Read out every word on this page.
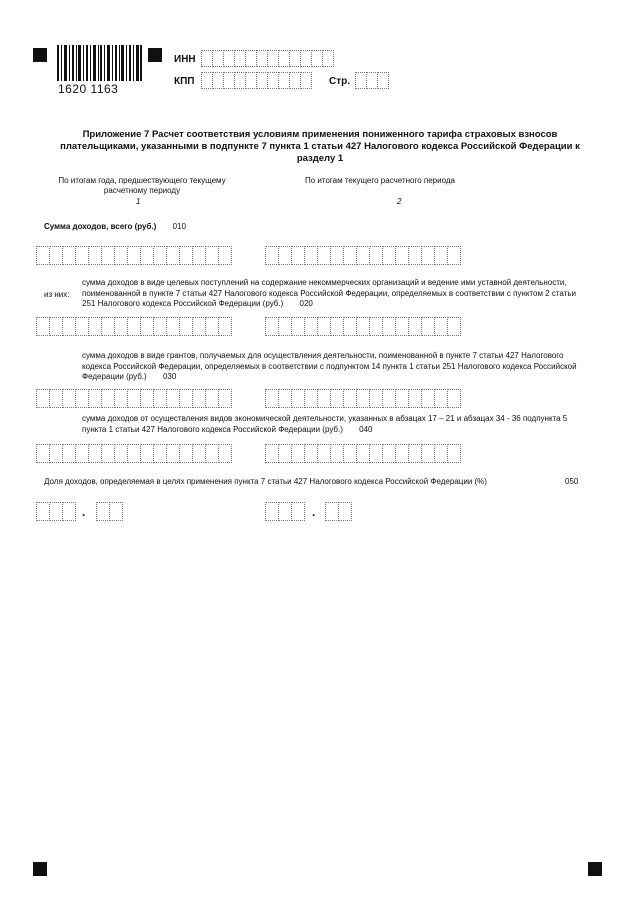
1620 1163
ИНН
КПП	Стр.
Приложение 7 Расчет соответствия условиям применения пониженного тарифа страховых взносов плательщиками, указанными в подпункте 7 пункта 1 статьи 427 Налогового кодекса Российской Федерации к разделу 1
По итогам года, предшествующего текущему расчетному периоду
1
По итогам текущего расчетного периода
2
Сумма доходов, всего (руб.) 010
из них:
сумма доходов в виде целевых поступлений на содержание некоммерческих организаций и ведение ими уставной деятельности, поименованной в пункте 7 статьи 427 Налогового кодекса Российской Федерации, определяемых в соответствии с пунктом 2 статьи 251 Налогового кодекса Российской Федерации (руб.) 020
сумма доходов в виде грантов, получаемых для осуществления деятельности, поименованной в пункте 7 статьи 427 Налогового кодекса Российской Федерации, определяемых в соответствии с подпунктом 14 пункта 1 статьи 251 Налогового кодекса Российской Федерации (руб.) 030
сумма доходов от осуществления видов экономической деятельности, указанных в абзацах 17 – 21 и абзацах 34 - 36 подпункта 5 пункта 1 статьи 427 Налогового кодекса Российской Федерации (руб.) 040
Доля доходов, определяемая в целях применения пункта 7 статьи 427 Налогового кодекса Российской Федерации (%)	050
.	.
